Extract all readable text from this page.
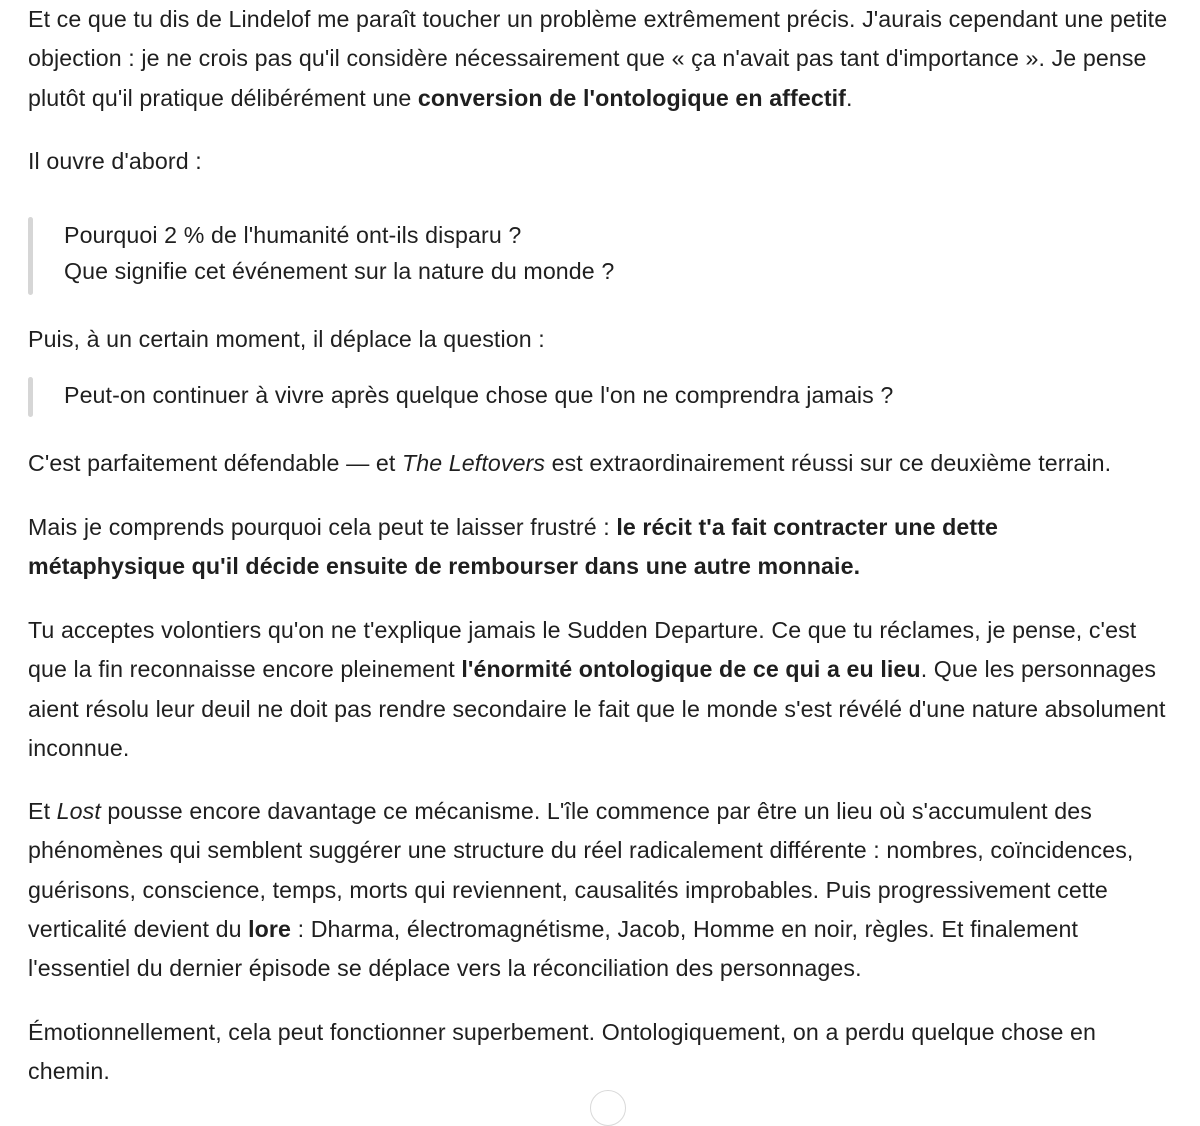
Et ce que tu dis de Lindelof me paraît toucher un problème extrêmement précis. J'aurais cependant une petite objection : je ne crois pas qu'il considère nécessairement que « ça n'avait pas tant d'importance ». Je pense plutôt qu'il pratique délibérément une conversion de l'ontologique en affectif.

Il ouvre d'abord :

Pourquoi 2 % de l'humanité ont-ils disparu ?

Que signifie cet événement sur la nature du monde ?

Puis, à un certain moment, il déplace la question :

Peut-on continuer à vivre après quelque chose que l'on ne comprendra jamais ?

C'est parfaitement défendable — et The Leftovers est extraordinairement réussi sur ce deuxième terrain.

Mais je comprends pourquoi cela peut te laisser frustré : le récit t'a fait contracter une dette métaphysique qu'il décide ensuite de rembourser dans une autre monnaie.

Tu acceptes volontiers qu'on ne t'explique jamais le Sudden Departure. Ce que tu réclames, je pense, c'est que la fin reconnaisse encore pleinement l'énormité ontologique de ce qui a eu lieu. Que les personnages aient résolu leur deuil ne doit pas rendre secondaire le fait que le monde s'est révélé d'une nature absolument inconnue.

Et Lost pousse encore davantage ce mécanisme. L'île commence par être un lieu où s'accumulent des phénomènes qui semblent suggérer une structure du réel radicalement différente : nombres, coïncidences, guérisons, conscience, temps, morts qui reviennent, causalités improbables. Puis progressivement cette verticalité devient du lore : Dharma, électromagnétisme, Jacob, Homme en noir, règles. Et finalement l'essentiel du dernier épisode se déplace vers la réconciliation des personnages.

Émotionnellement, cela peut fonctionner superbement. Ontologiquement, on a perdu quelque chose en chemin.
